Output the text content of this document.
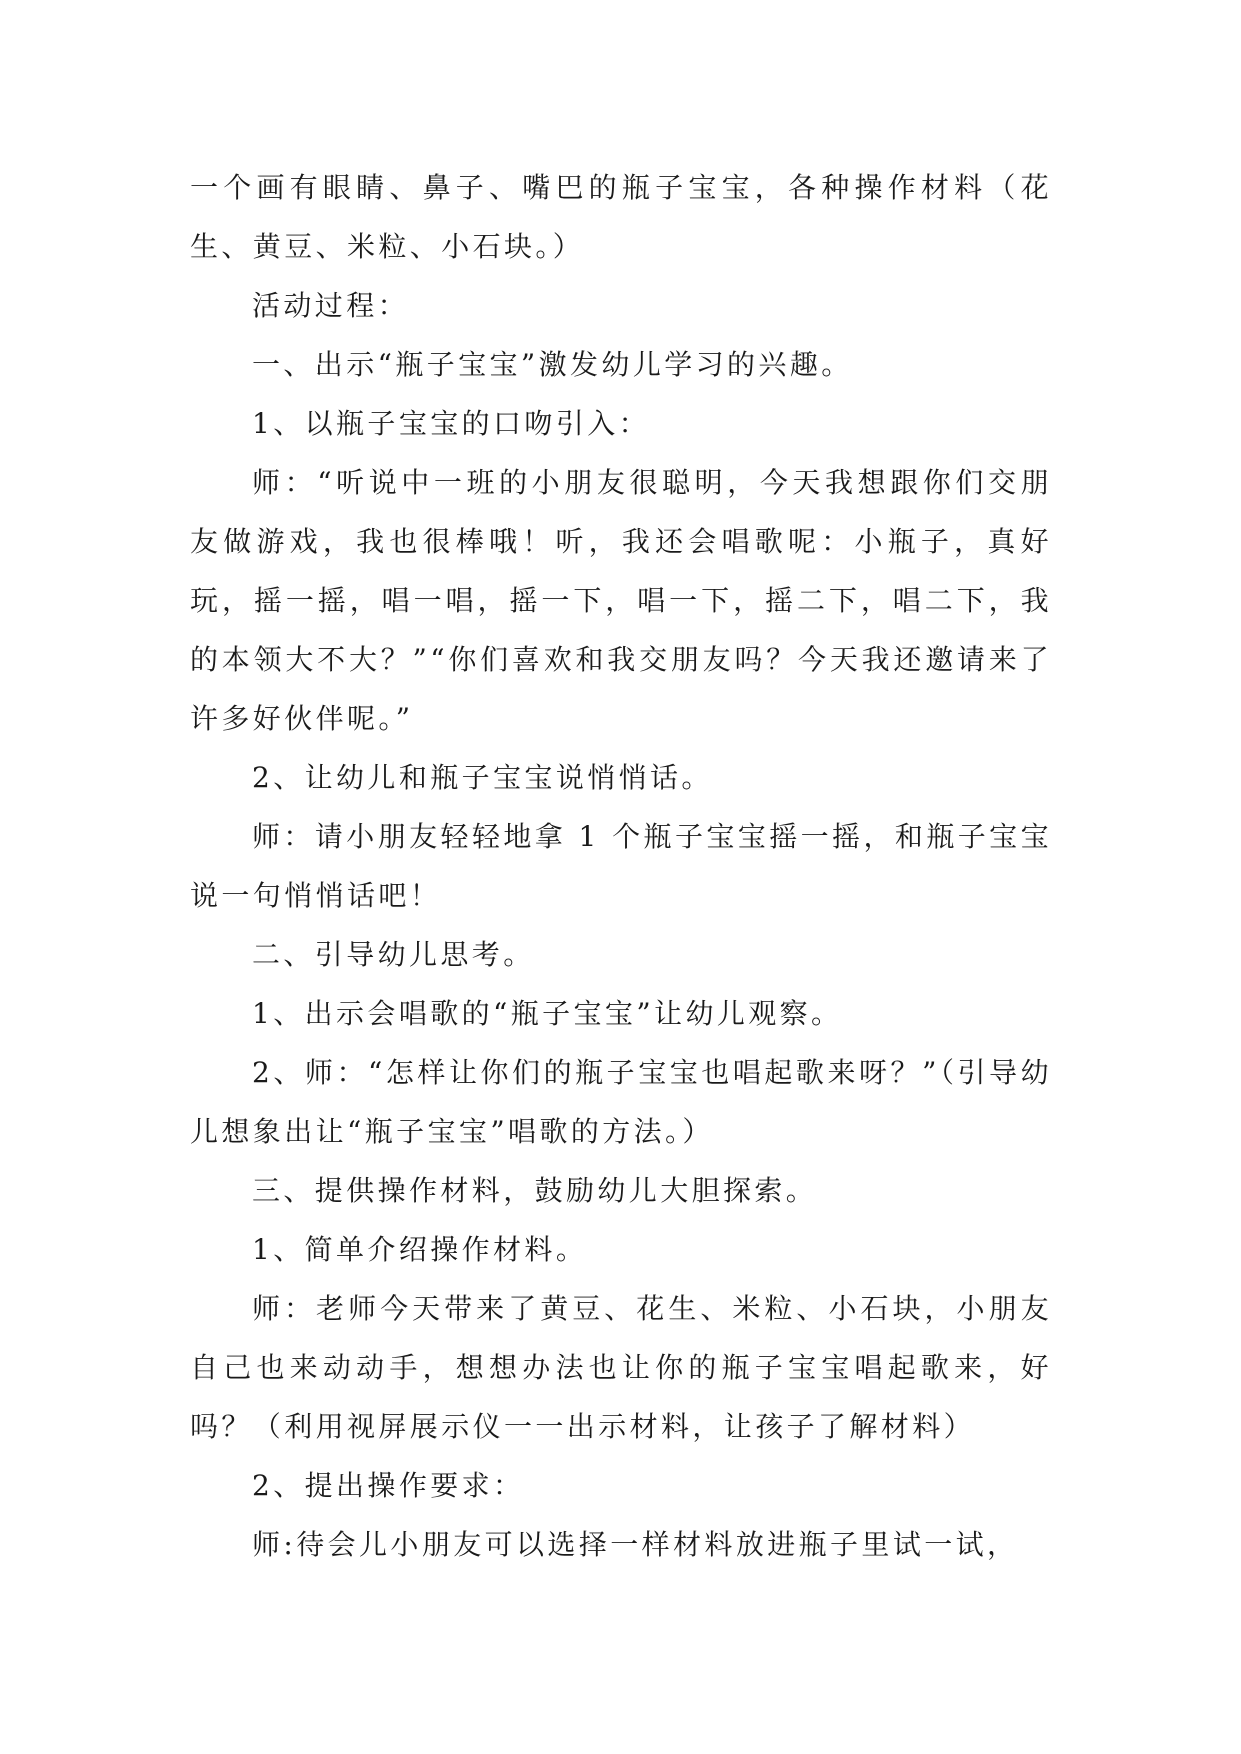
一个画有眼睛、鼻子、嘴巴的瓶子宝宝，各种操作材料（花生、黄豆、米粒、小石块。）

活动过程：

一、出示“瓶子宝宝”激发幼儿学习的兴趣。

1、以瓶子宝宝的口吻引入：

师：“听说中一班的小朋友很聪明，今天我想跟你们交朋友做游戏，我也很棒哦！听，我还会唱歌呢：小瓶子，真好玩，摇一摇，唱一唱，摇一下，唱一下，摇二下，唱二下，我的本领大不大？”“你们喜欢和我交朋友吗？今天我还邀请来了许多好伙伴呢。”

2、让幼儿和瓶子宝宝说悄悄话。

师：请小朋友轻轻地拿 1 个瓶子宝宝摇一摇，和瓶子宝宝说一句悄悄话吧！

二、引导幼儿思考。

1、出示会唱歌的“瓶子宝宝”让幼儿观察。

2、师：“怎样让你们的瓶子宝宝也唱起歌来呀？”（引导幼儿想象出让“瓶子宝宝”唱歌的方法。）

三、提供操作材料，鼓励幼儿大胆探索。

1、简单介绍操作材料。

师：老师今天带来了黄豆、花生、米粒、小石块，小朋友自己也来动动手，想想办法也让你的瓶子宝宝唱起歌来，好吗？（利用视屏展示仪一一出示材料，让孩子了解材料）

2、提出操作要求：

师:待会儿小朋友可以选择一样材料放进瓶子里试一试，
